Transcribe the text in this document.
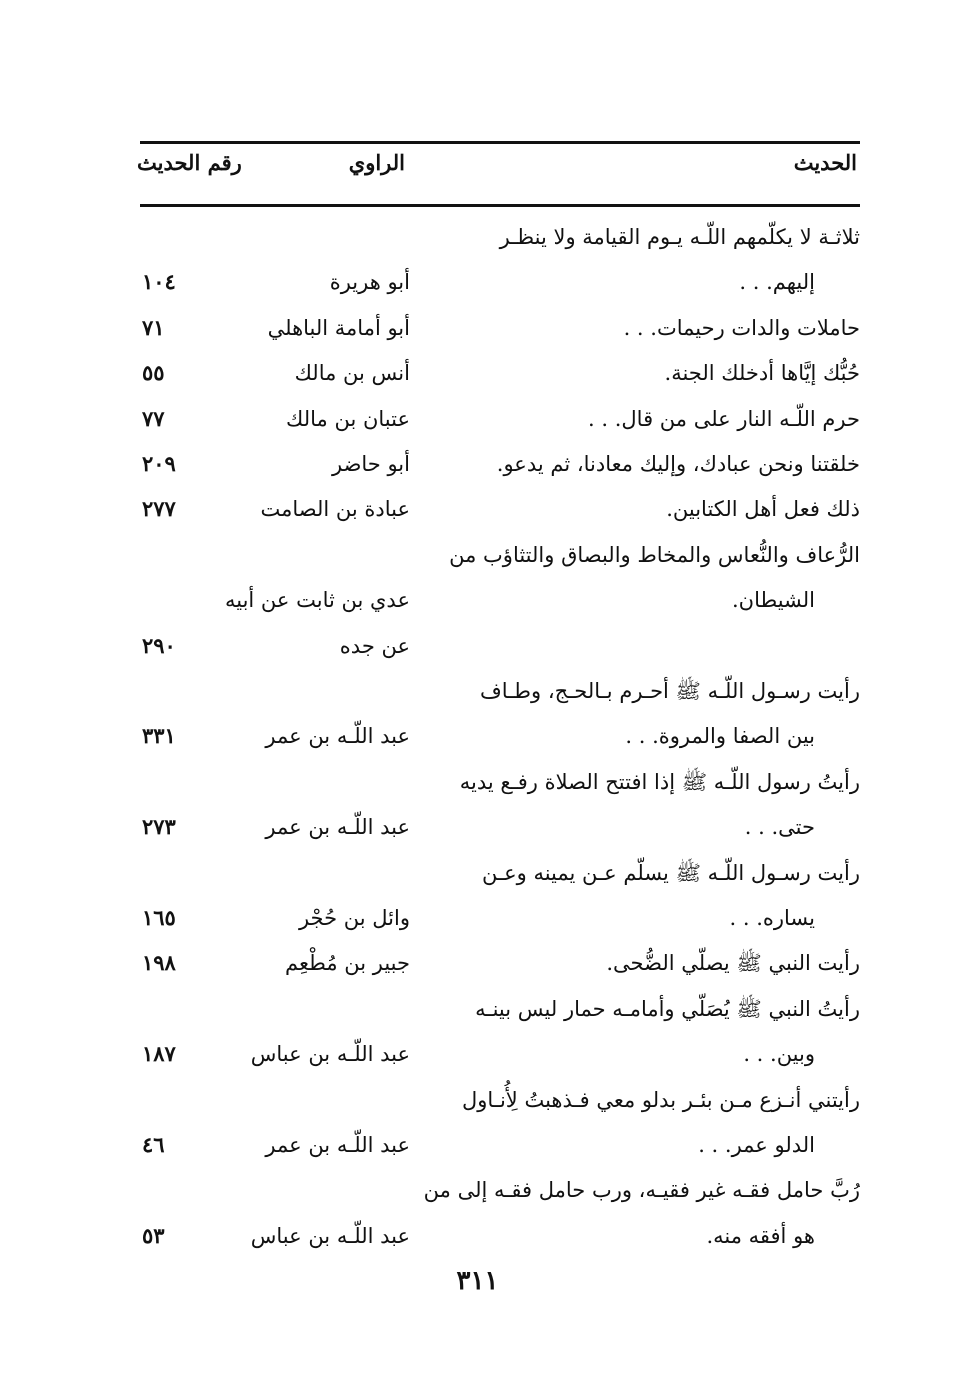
الحديث
الراوي
رقم الحديث
ثلاثـة لا يكلّمهم اللّـه يـوم القيامة ولا ينظـر
إليهم. . .
أبو هريرة
١٠٤
حاملات والدات رحيمات. . .
أبو أمامة الباهلي
٧١
حُبُّك إيَّاها أدخلك الجنة.
أنس بن مالك
٥٥
حرم اللّـه النار على من قال. . .
عتبان بن مالك
٧٧
خلقتنا ونحن عبادك، وإليك معادنا، ثم يدعو.
أبو حاضر
٢٠٩
ذلك فعل أهل الكتابين.
عبادة بن الصامت
٢٧٧
الرُّعاف والنُّعاس والمخاط والبصاق والتثاؤب من
الشيطان.
عدي بن ثابت عن أبيه
عن جده
٢٩٠
رأيت رسـول اللّـه ﷺ أحـرم بـالحـج، وطـاف
بين الصفا والمروة. . .
عبد اللّـه بن عمر
٣٣١
رأيتُ رسول اللّـه ﷺ إذا افتتح الصلاة رفـع يديه
حتى. . .
عبد اللّـه بن عمر
٢٧٣
رأيت رسـول اللّـه ﷺ يسلّم عـن يمينه وعـن
يساره. . .
وائل بن حُجْر
١٦٥
رأيت النبي ﷺ يصلّي الضُّحى.
جبير بن مُطْعِم
١٩٨
رأيتُ النبي ﷺ يُصَلّي وأمامـه حمار ليس بينـه
وبين. . .
عبد اللّـه بن عباس
١٨٧
رأيتني أنـزع مـن بئـر بدلو معي فـذهبتُ لِأُنـاول
الدلو عمر. . .
عبد اللّـه بن عمر
٤٦
رُبَّ حامل فقـه غير فقيـه، ورب حامل فقـه إلى من
هو أفقه منه.
عبد اللّـه بن عباس
٥٣
٣١١
